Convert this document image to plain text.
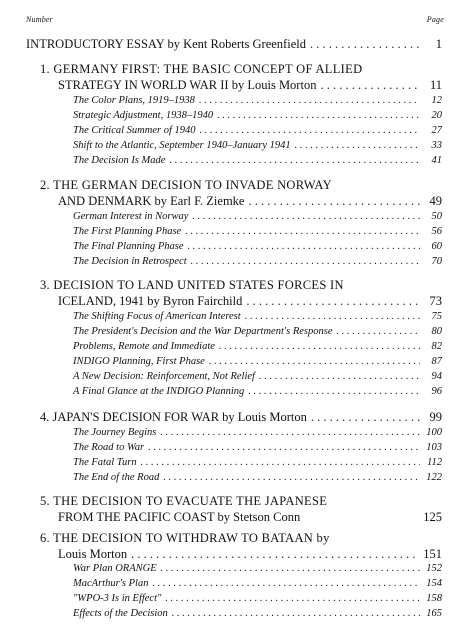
Number	Page
INTRODUCTORY ESSAY by Kent Roberts Greenfield . . .	1
1. GERMANY FIRST: THE BASIC CONCEPT OF ALLIED
STRATEGY IN WORLD WAR II by Louis Morton . . .	11
The Color Plans, 1919–1938 . . .	12
Strategic Adjustment, 1938–1940 . . .	20
The Critical Summer of 1940 . . .	27
Shift to the Atlantic, September 1940–January 1941 . . .	33
The Decision Is Made . . .	41
2. THE GERMAN DECISION TO INVADE NORWAY
AND DENMARK by Earl F. Ziemke . . .	49
German Interest in Norway . . .	50
The First Planning Phase . . .	56
The Final Planning Phase . . .	60
The Decision in Retrospect . . .	70
3. DECISION TO LAND UNITED STATES FORCES IN
ICELAND, 1941 by Byron Fairchild . . .	73
The Shifting Focus of American Interest . . .	75
The President's Decision and the War Department's Response . . .	80
Problems, Remote and Immediate . . .	82
INDIGO Planning, First Phase . . .	87
A New Decision: Reinforcement, Not Relief . . .	94
A Final Glance at the INDIGO Planning . . .	96
4. JAPAN'S DECISION FOR WAR by Louis Morton . . .	99
The Journey Begins . . .	100
The Road to War . . .	103
The Fatal Turn . . .	112
The End of the Road . . .	122
5. THE DECISION TO EVACUATE THE JAPANESE
FROM THE PACIFIC COAST by Stetson Conn	125
6. THE DECISION TO WITHDRAW TO BATAAN by
Louis Morton . . .	151
War Plan ORANGE . . .	152
MacArthur's Plan . . .	154
"WPO-3 Is in Effect" . . .	158
Effects of the Decision . . .	165
